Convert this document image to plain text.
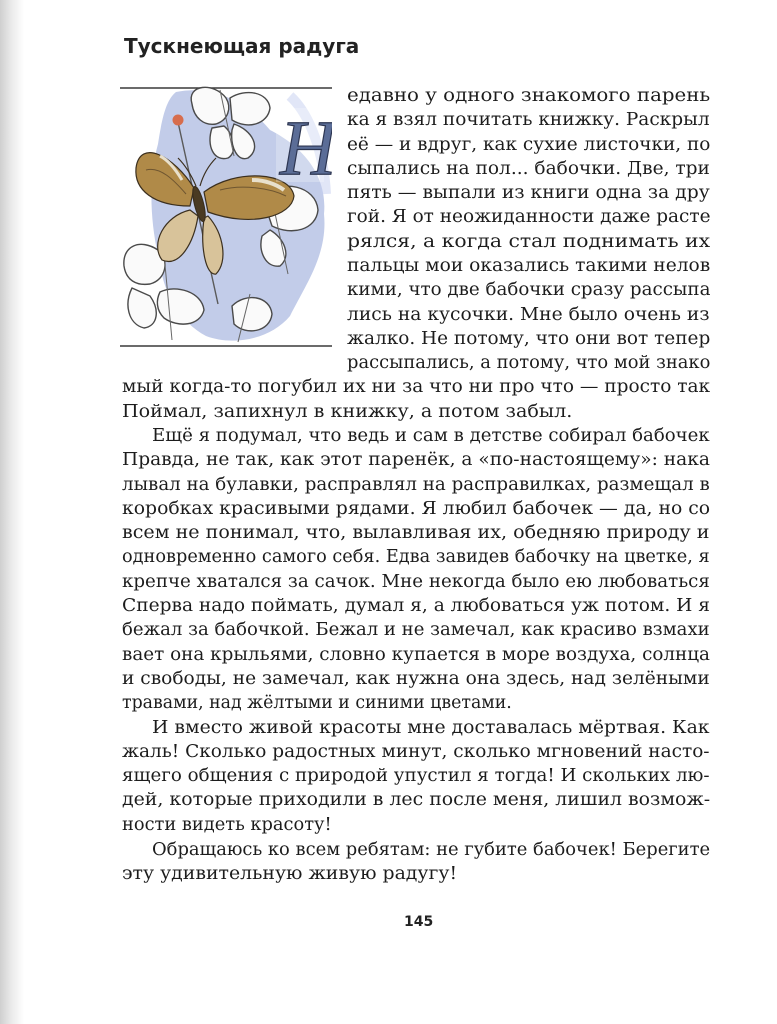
Тускнеющая радуга
Н
едавно у одного знакомого парень
ка я взял почитать книжку. Раскрыл
её — и вдруг, как сухие листочки, по
сыпались на пол... бабочки. Две, три
пять — выпали из книги одна за дру
гой. Я от неожиданности даже расте
рялся, а когда стал поднимать их
пальцы мои оказались такими нелов
кими, что две бабочки сразу рассыпа
лись на кусочки. Мне было очень из
жалко. Не потому, что они вот тепер
рассыпались, а потому, что мой знако
мый когда-то погубил их ни за что ни про что — просто так
Поймал, запихнул в книжку, а потом забыл.
Ещё я подумал, что ведь и сам в детстве собирал бабочек
Правда, не так, как этот паренёк, а «по-настоящему»: нака
лывал на булавки, расправлял на расправилках, размещал в
коробках красивыми рядами. Я любил бабочек — да, но со
всем не понимал, что, вылавливая их, обедняю природу и
одновременно самого себя. Едва завидев бабочку на цветке, я
крепче хватался за сачок. Мне некогда было ею любоваться
Сперва надо поймать, думал я, а любоваться уж потом. И я
бежал за бабочкой. Бежал и не замечал, как красиво взмахи
вает она крыльями, словно купается в море воздуха, солнца
и свободы, не замечал, как нужна она здесь, над зелёными
травами, над жёлтыми и синими цветами.
И вместо живой красоты мне доставалась мёртвая. Как
жаль! Сколько радостных минут, сколько мгновений насто-
ящего общения с природой упустил я тогда! И скольких лю-
дей, которые приходили в лес после меня, лишил возмож-
ности видеть красоту!
Обращаюсь ко всем ребятам: не губите бабочек! Берегите
эту удивительную живую радугу!
145
